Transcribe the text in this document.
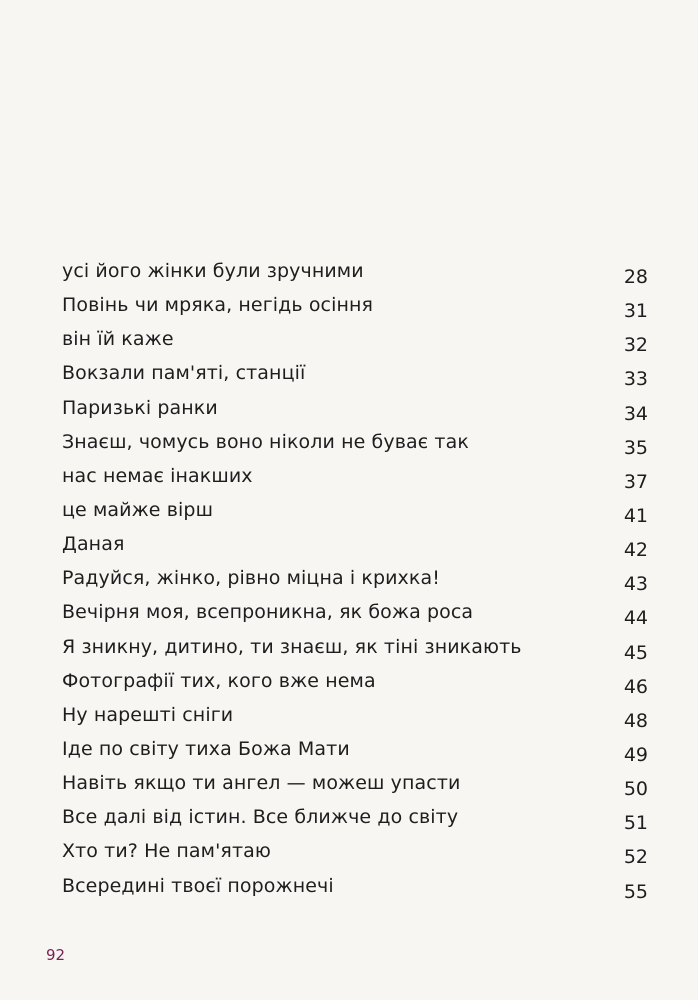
усі його жінки були зручними	28
Повінь чи мряка, негідь осіння	31
він їй каже	32
Вокзали пам'яті, станції	33
Паризькі ранки	34
Знаєш, чомусь воно ніколи не буває так	35
нас немає інакших	37
це майже вірш	41
Даная	42
Радуйся, жінко, рівно міцна і крихка!	43
Вечірня моя, всепроникна, як божа роса	44
Я зникну, дитино, ти знаєш, як тіні зникають	45
Фотографії тих, кого вже нема	46
Ну нарешті сніги	48
Іде по світу тиха Божа Мати	49
Навіть якщо ти ангел — можеш упасти	50
Все далі від істин. Все ближче до світу	51
Хто ти? Не пам'ятаю	52
Всередині твоєї порожнечі	55
92
